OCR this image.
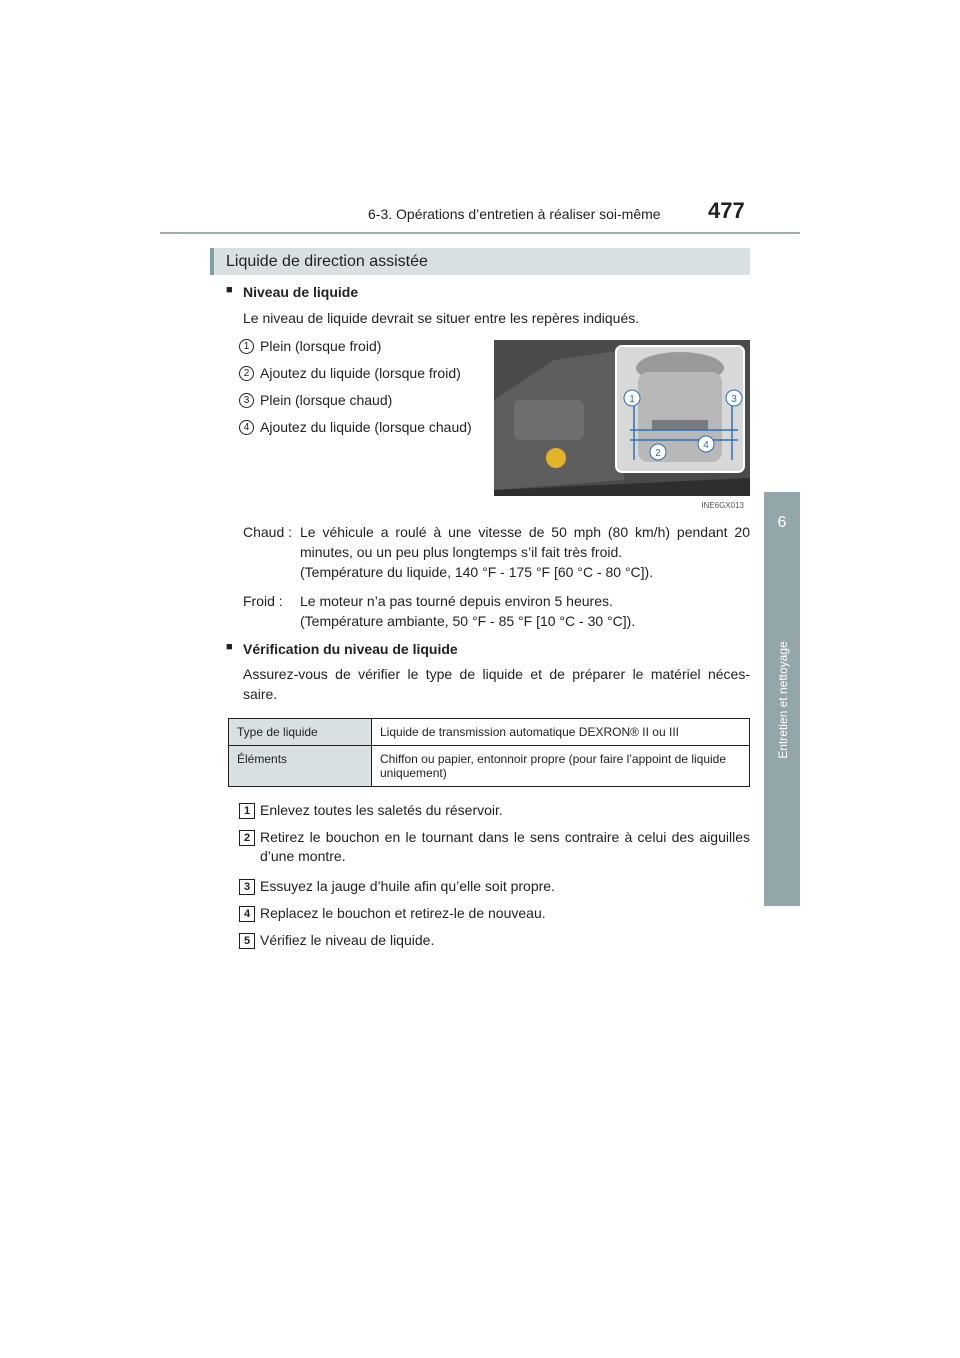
6-3. Opérations d’entretien à réaliser soi-même 477
6
Entretien et nettoyage
Liquide de direction assistée
■ Niveau de liquide
Le niveau de liquide devrait se situer entre les repères indiqués.
1 Plein (lorsque froid)
2 Ajoutez du liquide (lorsque froid)
3 Plein (lorsque chaud)
4 Ajoutez du liquide (lorsque chaud)
1
2
3
4
INE6GX013
Chaud : Le véhicule a roulé à une vitesse de 50 mph (80 km/h) pendant 20
minutes, ou un peu plus longtemps s’il fait très froid.
(Température du liquide, 140 °F - 175 °F [60 °C - 80 °C]).
Froid : Le moteur n’a pas tourné depuis environ 5 heures.
(Température ambiante, 50 °F - 85 °F [10 °C - 30 °C]).
■ Vérification du niveau de liquide
Assurez-vous de vérifier le type de liquide et de préparer le matériel néces-
saire.
Type de liquide	Liquide de transmission automatique DEXRON® II ou III
Éléments	Chiffon ou papier, entonnoir propre (pour faire l’appoint de liquide uniquement)
1 Enlevez toutes les saletés du réservoir.
2 Retirez le bouchon en le tournant dans le sens contraire à celui des aiguilles d’une montre.
3 Essuyez la jauge d’huile afin qu’elle soit propre.
4 Replacez le bouchon et retirez-le de nouveau.
5 Vérifiez le niveau de liquide.
